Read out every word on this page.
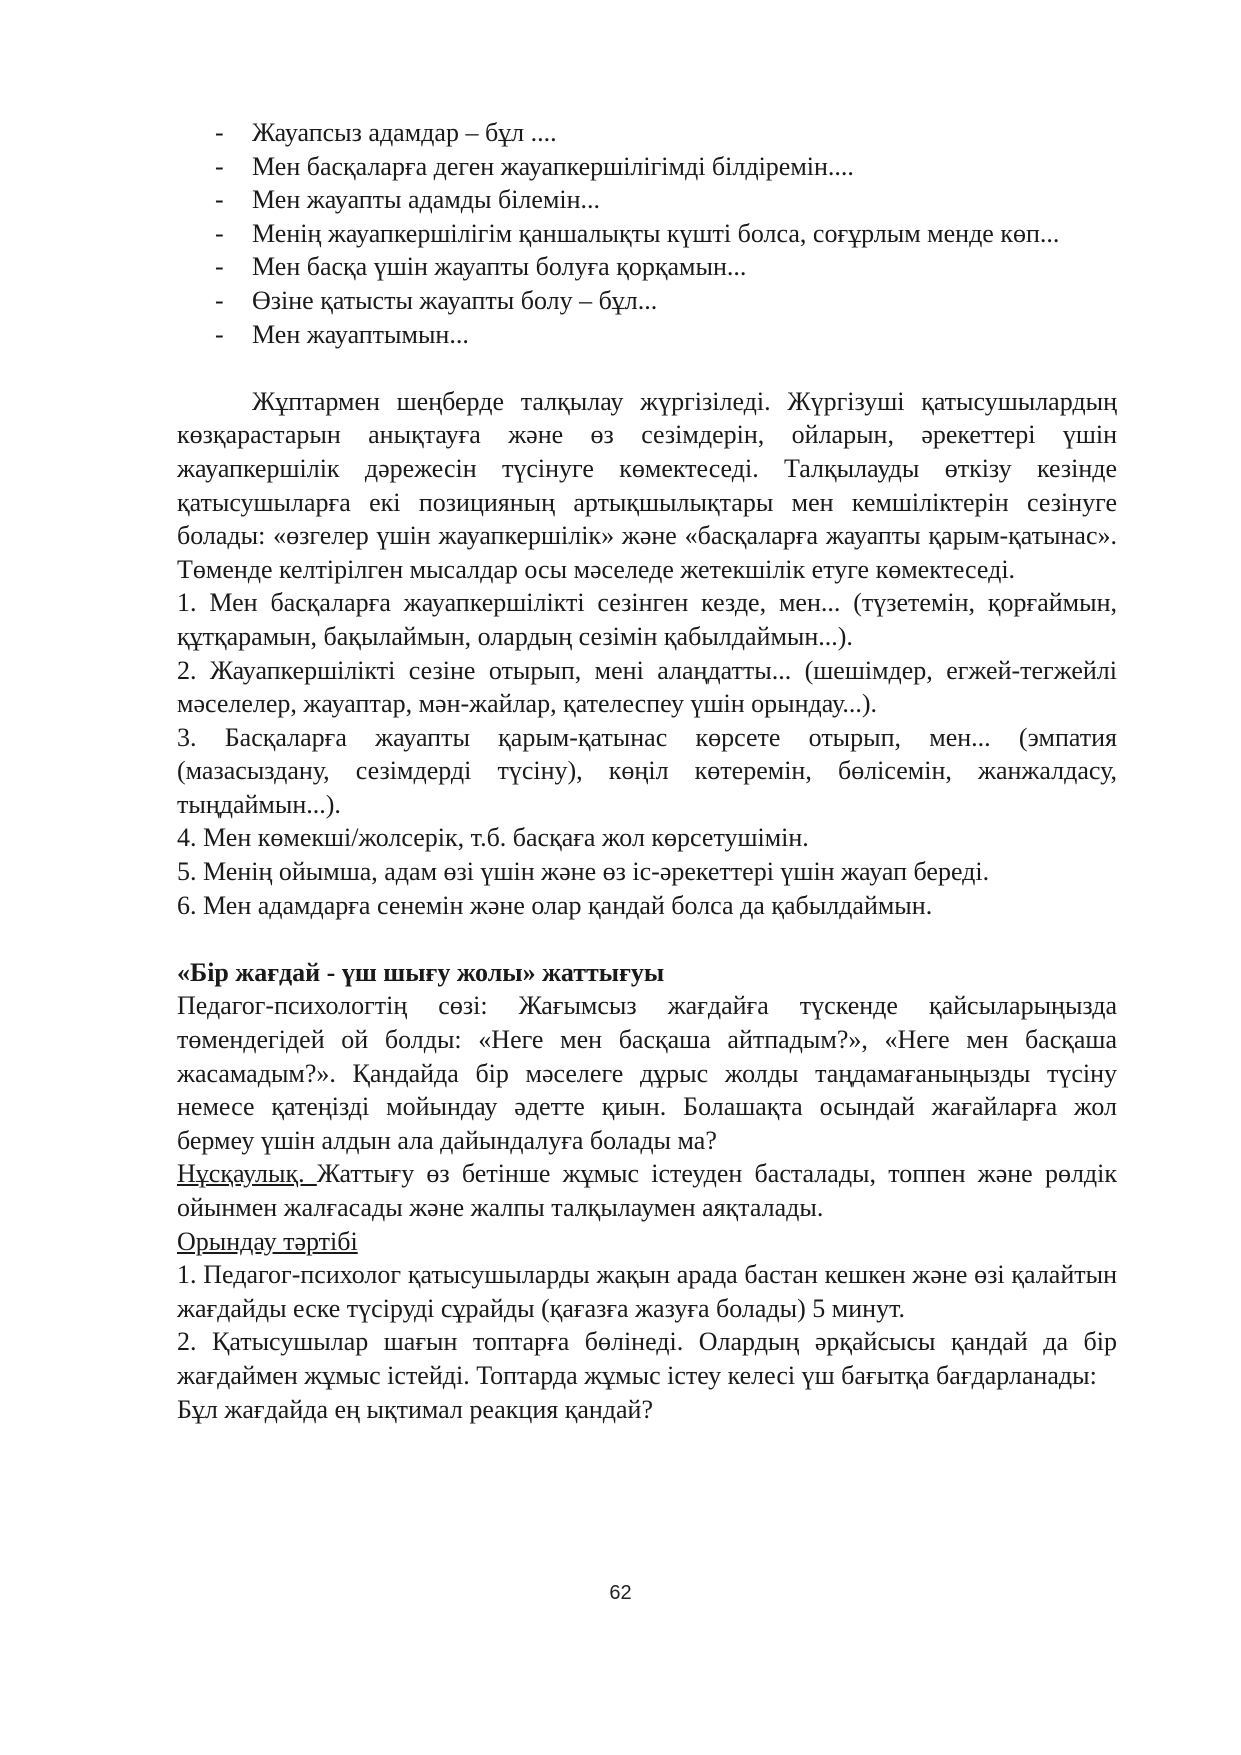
- Жауапсыз адамдар – бұл ....
- Мен басқаларға деген жауапкершілігімді білдіремін....
- Мен жауапты адамды білемін...
- Менің жауапкершілігім қаншалықты күшті болса, соғұрлым менде көп...
- Мен басқа үшін жауапты болуға қорқамын...
- Өзіне қатысты жауапты болу – бұл...
- Мен жауаптымын...

Жұптармен шеңберде талқылау жүргізіледі. Жүргізуші қатысушылардың көзқарастарын анықтауға және өз сезімдерін, ойларын, әрекеттері үшін жауапкершілік дәрежесін түсінуге көмектеседі. Талқылауды өткізу кезінде қатысушыларға екі позицияның артықшылықтары мен кемшіліктерін сезінуге болады: «өзгелер үшін жауапкершілік» және «басқаларға жауапты қарым-қатынас». Төменде келтірілген мысалдар осы мәселеде жетекшілік етуге көмектеседі.

1. Мен басқаларға жауапкершілікті сезінген кезде, мен... (түзетемін, қорғаймын, құтқарамын, бақылаймын, олардың сезімін қабылдаймын...).

2. Жауапкершілікті сезіне отырып, мені алаңдатты... (шешімдер, егжей-тегжейлі мәселелер, жауаптар, мән-жайлар, қателеспеу үшін орындау...).

3. Басқаларға жауапты қарым-қатынас көрсете отырып, мен... (эмпатия (мазасыздану, сезімдерді түсіну), көңіл көтеремін, бөлісемін, жанжалдасу, тыңдаймын...).

4. Мен көмекші/жолсерік, т.б. басқаға жол көрсетушімін.

5. Менің ойымша, адам өзі үшін және өз іс-әрекеттері үшін жауап береді.

6. Мен адамдарға сенемін және олар қандай болса да қабылдаймын.

«Бір жағдай - үш шығу жолы» жаттығуы

Педагог-психологтің сөзі: Жағымсыз жағдайға түскенде қайсыларыңызда төмендегідей ой болды: «Неге мен басқаша айтпадым?», «Неге мен басқаша жасамадым?». Қандайда бір мәселеге дұрыс жолды таңдамағаныңызды түсіну немесе қатеңізді мойындау әдетте қиын. Болашақта осындай жағайларға жол бермеу үшін алдын ала дайындалуға болады ма?

Нұсқаулық. Жаттығу өз бетінше жұмыс істеуден басталады, топпен және рөлдік ойынмен жалғасады және жалпы талқылаумен аяқталады.

Орындау тәртібі

1. Педагог-психолог қатысушыларды жақын арада бастан кешкен және өзі қалайтын жағдайды еске түсіруді сұрайды (қағазға жазуға болады) 5 минут.

2. Қатысушылар шағын топтарға бөлінеді. Олардың әрқайсысы қандай да бір жағдаймен жұмыс істейді. Топтарда жұмыс істеу келесі үш бағытқа бағдарланады:

Бұл жағдайда ең ықтимал реакция қандай?

62
